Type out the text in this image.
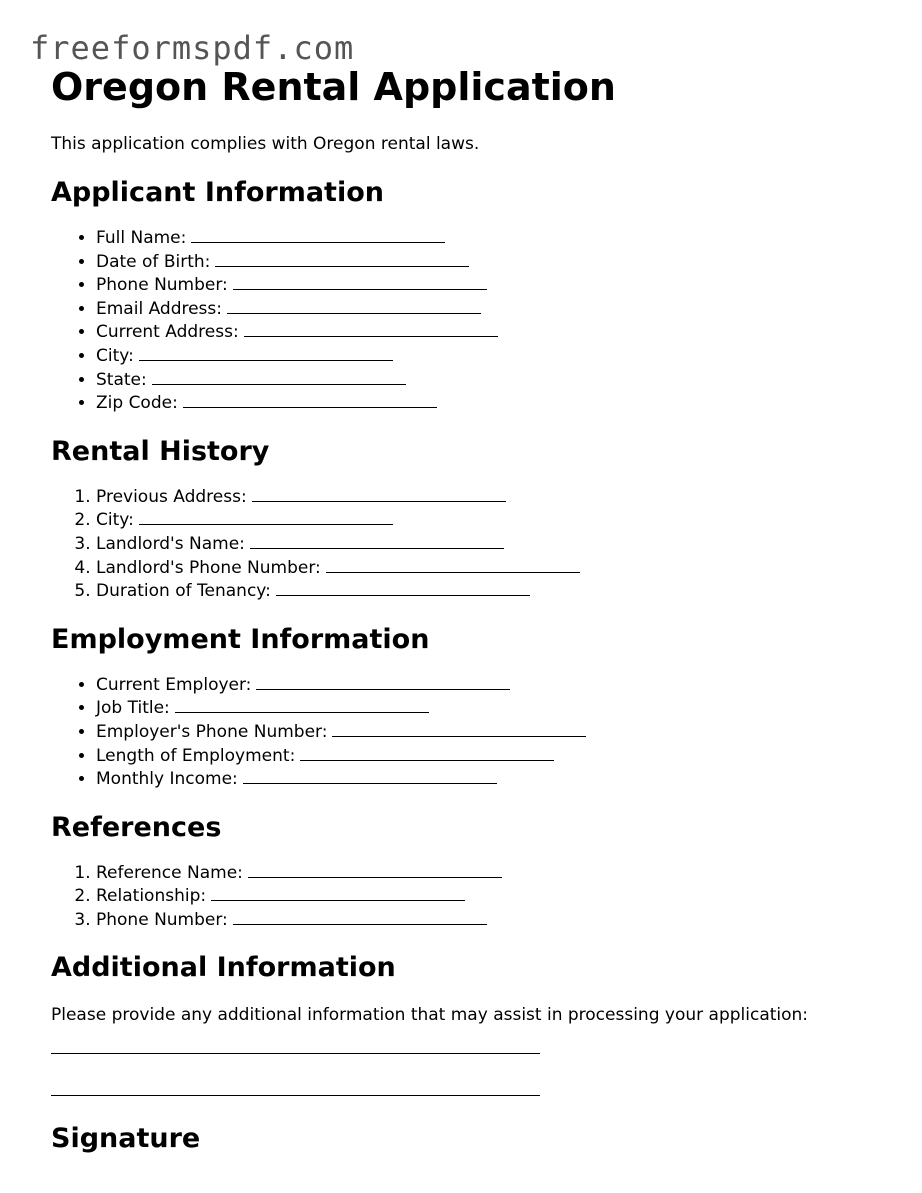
freeformspdf.com
Oregon Rental Application

This application complies with Oregon rental laws.

Applicant Information
• Full Name:
• Date of Birth:
• Phone Number:
• Email Address:
• Current Address:
• City:
• State:
• Zip Code:
Rental History
1. Previous Address:
2. City:
3. Landlord's Name:
4. Landlord's Phone Number:
5. Duration of Tenancy:
Employment Information
• Current Employer:
• Job Title:
• Employer's Phone Number:
• Length of Employment:
• Monthly Income:
References
1. Reference Name:
2. Relationship:
3. Phone Number:
Additional Information

Please provide any additional information that may assist in processing your application:

Signature
